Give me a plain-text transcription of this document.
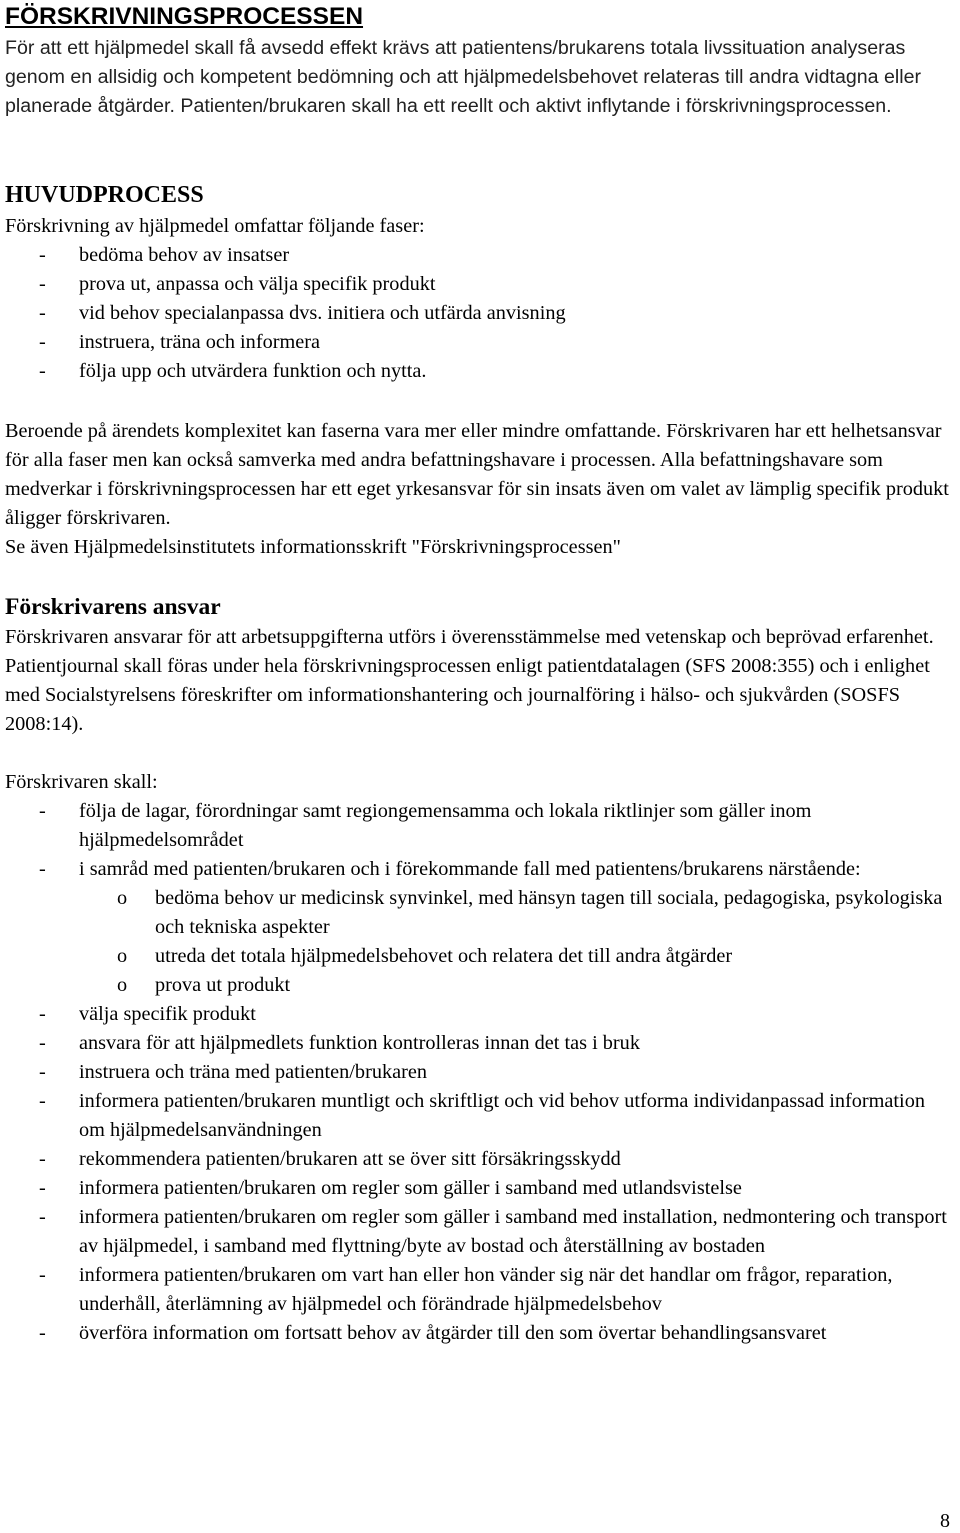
FÖRSKRIVNINGSPROCESSEN

För att ett hjälpmedel skall få avsedd effekt krävs att patientens/brukarens totala livssituation analyseras genom en allsidig och kompetent bedömning och att hjälpmedelsbehovet relateras till andra vidtagna eller planerade åtgärder. Patienten/brukaren skall ha ett reellt och aktivt inflytande i förskrivningsprocessen.

HUVUDPROCESS

Förskrivning av hjälpmedel omfattar följande faser:

- bedöma behov av insatser
- prova ut, anpassa och välja specifik produkt
- vid behov specialanpassa dvs. initiera och utfärda anvisning
- instruera, träna och informera
- följa upp och utvärdera funktion och nytta.

Beroende på ärendets komplexitet kan faserna vara mer eller mindre omfattande. Förskrivaren har ett helhetsansvar för alla faser men kan också samverka med andra befattningshavare i processen. Alla befattningshavare som medverkar i förskrivningsprocessen har ett eget yrkesansvar för sin insats även om valet av lämplig specifik produkt åligger förskrivaren.

Se även Hjälpmedelsinstitutets informationsskrift "Förskrivningsprocessen"

Förskrivarens ansvar

Förskrivaren ansvarar för att arbetsuppgifterna utförs i överensstämmelse med vetenskap och beprövad erfarenhet. Patientjournal skall föras under hela förskrivningsprocessen enligt patientdatalagen (SFS 2008:355) och i enlighet med Socialstyrelsens föreskrifter om informationshantering och journalföring i hälso- och sjukvården (SOSFS 2008:14).

Förskrivaren skall:

- följa de lagar, förordningar samt regiongemensamma och lokala riktlinjer som gäller inom hjälpmedelsområdet
- i samråd med patienten/brukaren och i förekommande fall med patientens/brukarens närstående:
o bedöma behov ur medicinsk synvinkel, med hänsyn tagen till sociala, pedagogiska, psykologiska och tekniska aspekter
o utreda det totala hjälpmedelsbehovet och relatera det till andra åtgärder
o prova ut produkt
- välja specifik produkt
- ansvara för att hjälpmedlets funktion kontrolleras innan det tas i bruk
- instruera och träna med patienten/brukaren
- informera patienten/brukaren muntligt och skriftligt och vid behov utforma individanpassad information om hjälpmedelsanvändningen
- rekommendera patienten/brukaren att se över sitt försäkringsskydd
- informera patienten/brukaren om regler som gäller i samband med utlandsvistelse
- informera patienten/brukaren om regler som gäller i samband med installation, nedmontering och transport av hjälpmedel, i samband med flyttning/byte av bostad och återställning av bostaden
- informera patienten/brukaren om vart han eller hon vänder sig när det handlar om frågor, reparation, underhåll, återlämning av hjälpmedel och förändrade hjälpmedelsbehov
- överföra information om fortsatt behov av åtgärder till den som övertar behandlingsansvaret
8
